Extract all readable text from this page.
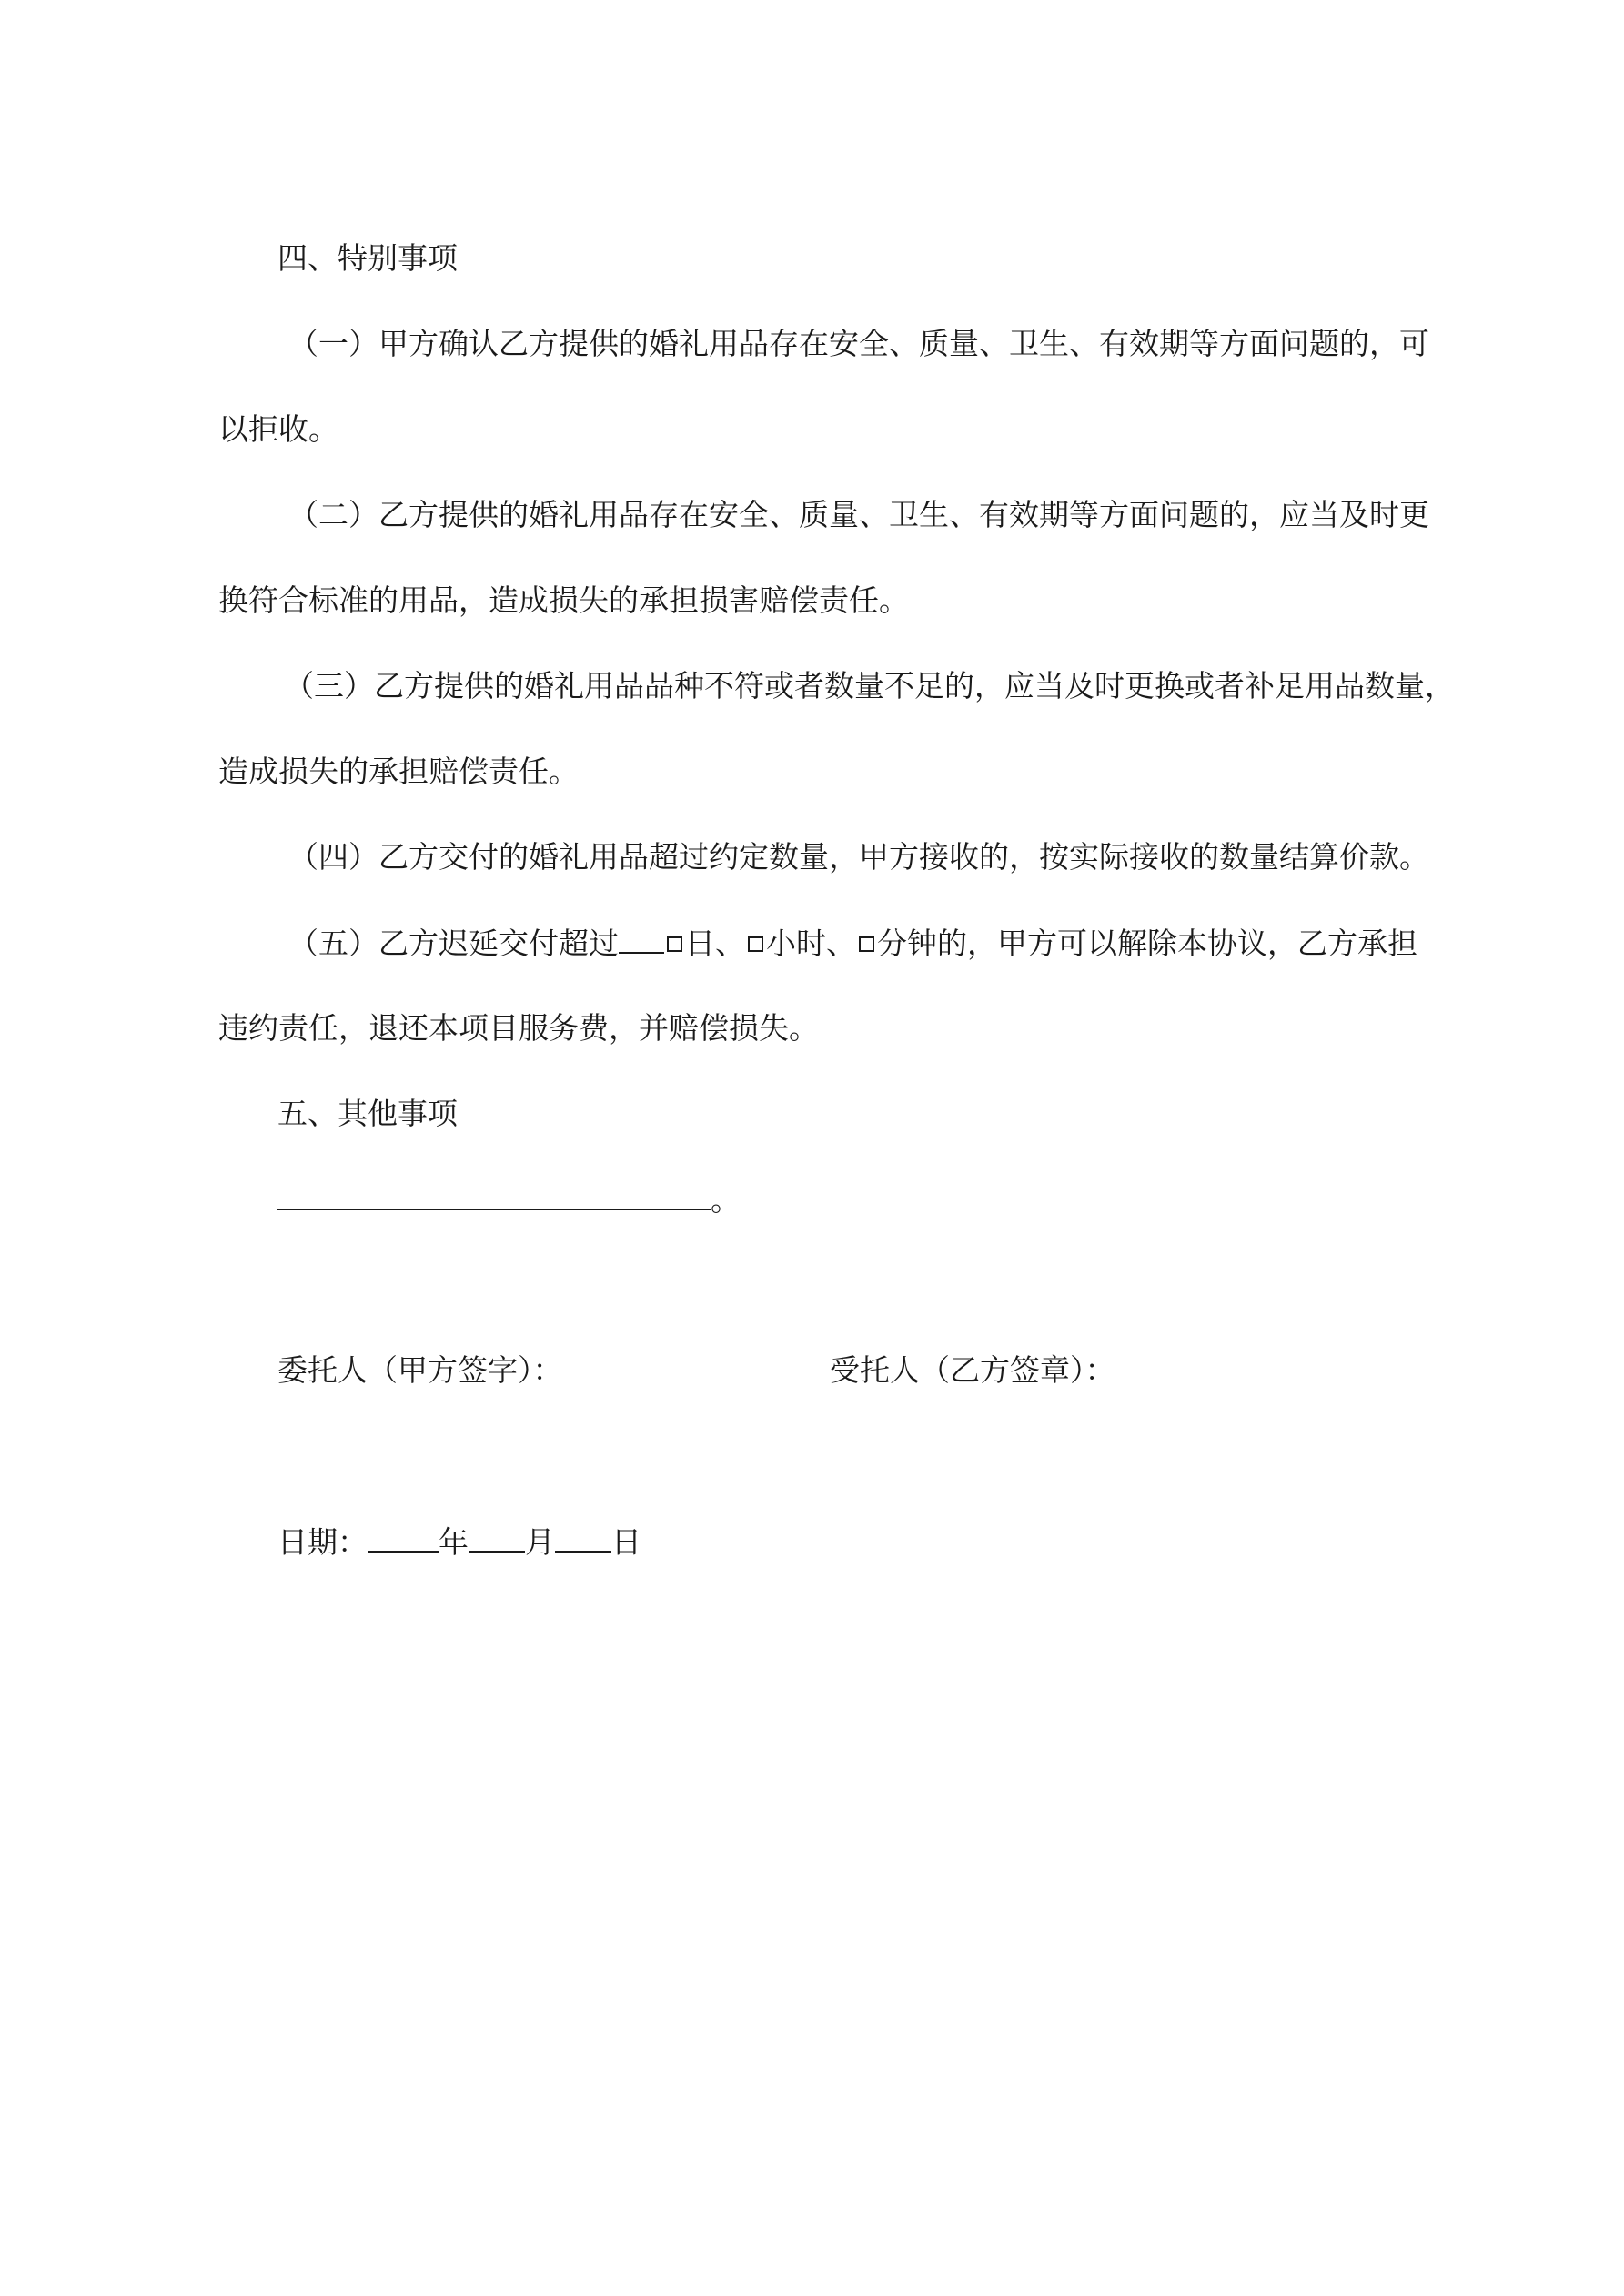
四、特别事项
（一）甲方确认乙方提供的婚礼用品存在安全、质量、卫生、有效期等方面问题的，可
以拒收。
（二）乙方提供的婚礼用品存在安全、质量、卫生、有效期等方面问题的，应当及时更
换符合标准的用品，造成损失的承担损害赔偿责任。
（三）乙方提供的婚礼用品品种不符或者数量不足的，应当及时更换或者补足用品数量，
造成损失的承担赔偿责任。
（四）乙方交付的婚礼用品超过约定数量，甲方接收的，按实际接收的数量结算价款。
（五）乙方迟延交付超过 日、 小时、 分钟的，甲方可以解除本协议，乙方承担
违约责任，退还本项目服务费，并赔偿损失。
五、其他事项
。
委托人（甲方签字）：	受托人（乙方签章）：
日期： 年 月 日
